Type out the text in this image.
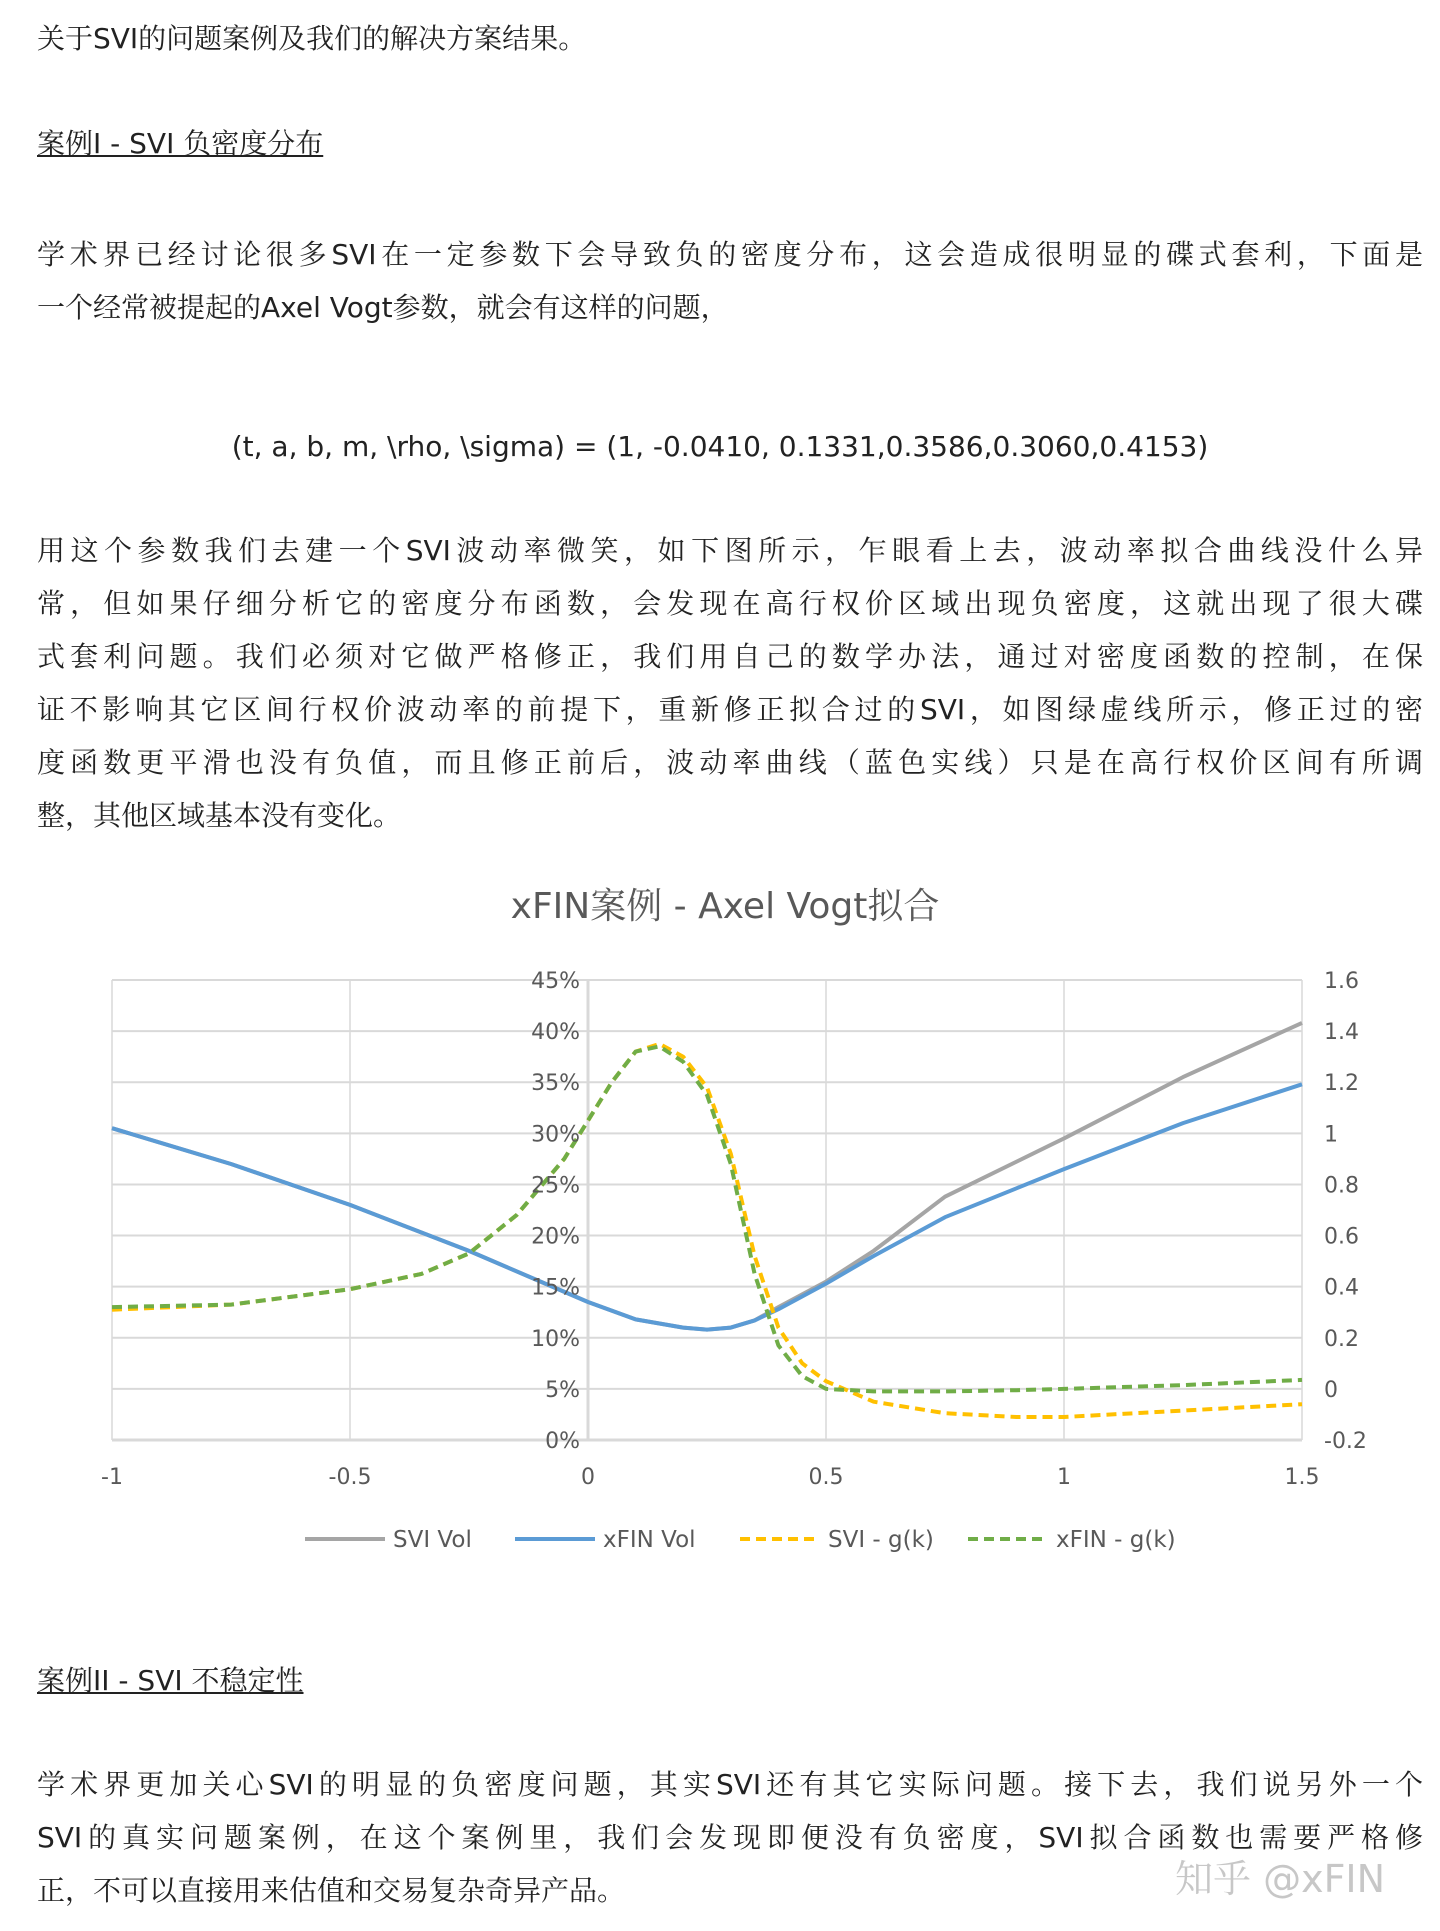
关于SVI的问题案例及我们的解决方案结果。
案例I - SVI 负密度分布
学术界已经讨论很多SVI在一定参数下会导致负的密度分布，这会造成很明显的碟式套利，下面是
一个经常被提起的Axel Vogt参数，就会有这样的问题，
(t, a, b, m, \rho, \sigma) = (1, -0.0410, 0.1331,0.3586,0.3060,0.4153)
用这个参数我们去建一个SVI波动率微笑，如下图所示，乍眼看上去，波动率拟合曲线没什么异
常，但如果仔细分析它的密度分布函数，会发现在高行权价区域出现负密度，这就出现了很大碟
式套利问题。我们必须对它做严格修正，我们用自己的数学办法，通过对密度函数的控制，在保
证不影响其它区间行权价波动率的前提下，重新修正拟合过的SVI，如图绿虚线所示，修正过的密
度函数更平滑也没有负值，而且修正前后，波动率曲线（蓝色实线）只是在高行权价区间有所调
整，其他区域基本没有变化。
xFIN案例 - Axel Vogt拟合
0%	-0.2
5%	0
10%	0.2
15%	0.4
20%	0.6
25%	0.8
30%	1
35%	1.2
40%	1.4
45%	1.6
-1	-0.5	0	0.5	1	1.5
SVI Vol	xFIN Vol	SVI - g(k)	xFIN - g(k)
案例II - SVI 不稳定性
学术界更加关心SVI的明显的负密度问题，其实SVI还有其它实际问题。接下去，我们说另外一个
SVI的真实问题案例，在这个案例里，我们会发现即便没有负密度，SVI拟合函数也需要严格修
正，不可以直接用来估值和交易复杂奇异产品。	知乎 @xFIN
